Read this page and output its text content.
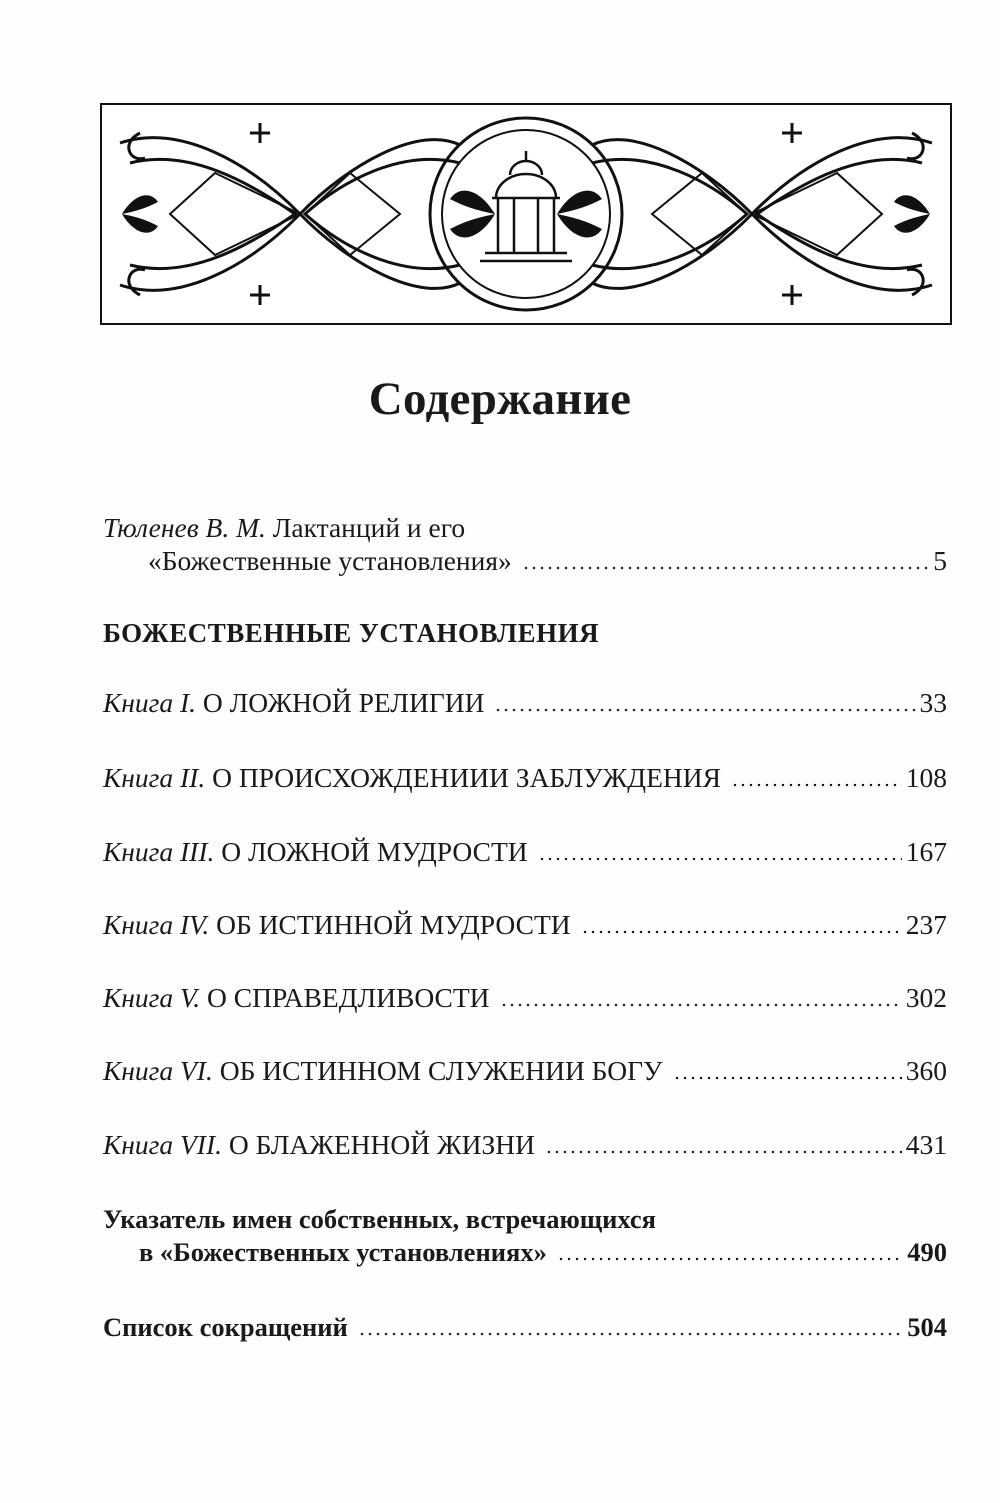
Содержание
Тюленев В. М. Лактанций и его
«Божественные установления»	5
БОЖЕСТВЕННЫЕ УСТАНОВЛЕНИЯ
Книга I. О ЛОЖНОЙ РЕЛИГИИ	33
Книга II. О ПРОИСХОЖДЕНИИИ ЗАБЛУЖДЕНИЯ	108
Книга III. О ЛОЖНОЙ МУДРОСТИ	167
Книга IV. ОБ ИСТИННОЙ МУДРОСТИ	237
Книга V. О СПРАВЕДЛИВОСТИ	302
Книга VI. ОБ ИСТИННОМ СЛУЖЕНИИ БОГУ	360
Книга VII. О БЛАЖЕННОЙ ЖИЗНИ	431
Указатель имен собственных, встречающихся
в «Божественных установлениях»	490
Список сокращений	504
